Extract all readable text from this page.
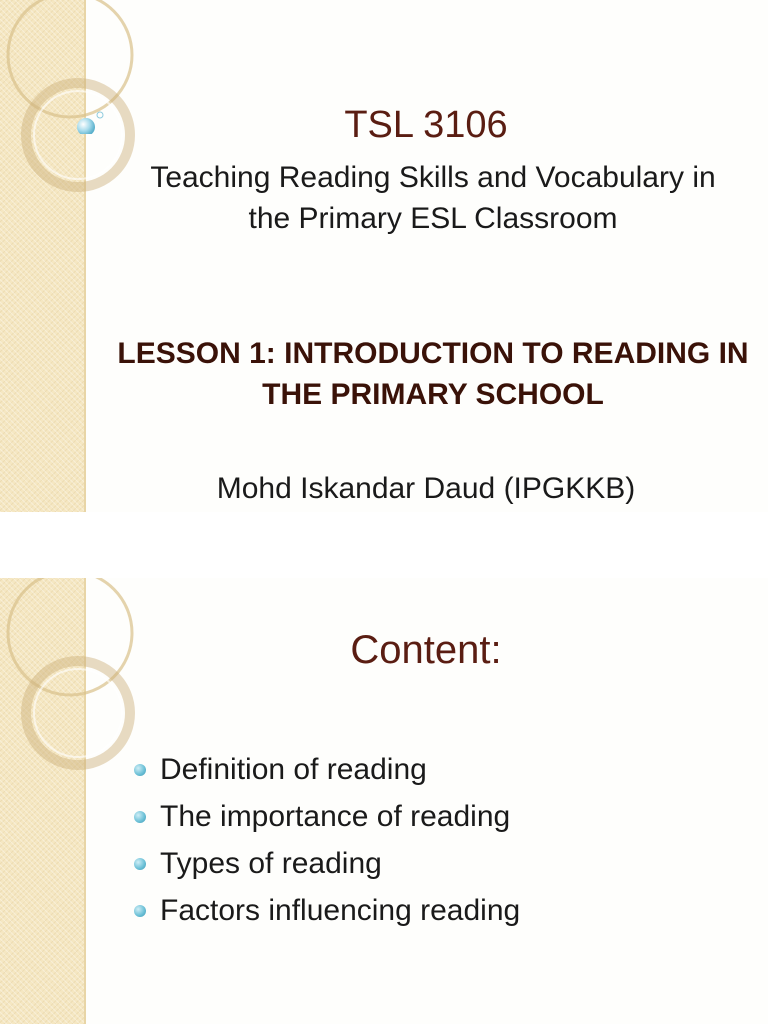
TSL 3106
Teaching Reading Skills and Vocabulary in the Primary ESL Classroom
LESSON 1: INTRODUCTION TO READING IN THE PRIMARY SCHOOL
Mohd Iskandar Daud (IPGKKB)
Content:
Definition of reading
The importance of reading
Types of reading
Factors influencing reading
